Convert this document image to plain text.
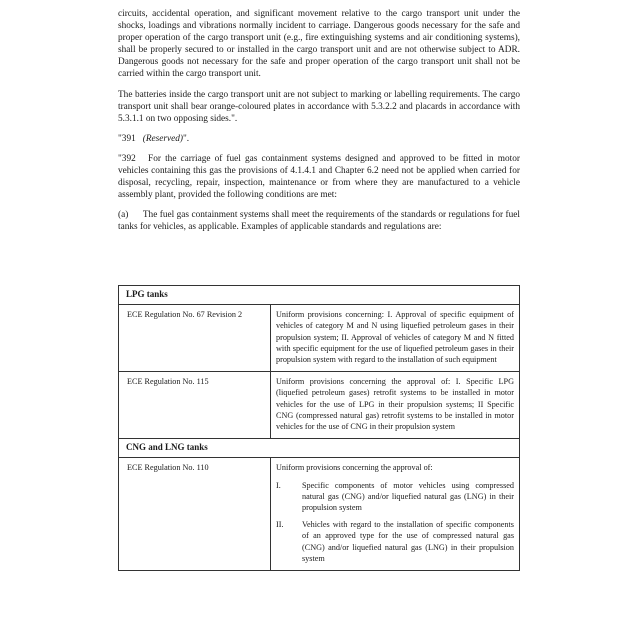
circuits, accidental operation, and significant movement relative to the cargo transport unit under the shocks, loadings and vibrations normally incident to carriage. Dangerous goods necessary for the safe and proper operation of the cargo transport unit (e.g., fire extinguishing systems and air conditioning systems), shall be properly secured to or installed in the cargo transport unit and are not otherwise subject to ADR. Dangerous goods not necessary for the safe and proper operation of the cargo transport unit shall not be carried within the cargo transport unit.

The batteries inside the cargo transport unit are not subject to marking or labelling requirements. The cargo transport unit shall bear orange-coloured plates in accordance with 5.3.2.2 and placards in accordance with 5.3.1.1 on two opposing sides.".

"391 (Reserved)".

"392   For the carriage of fuel gas containment systems designed and approved to be fitted in motor vehicles containing this gas the provisions of 4.1.4.1 and Chapter 6.2 need not be applied when carried for disposal, recycling, repair, inspection, maintenance or from where they are manufactured to a vehicle assembly plant, provided the following conditions are met:

(a) The fuel gas containment systems shall meet the requirements of the standards or regulations for fuel tanks for vehicles, as applicable. Examples of applicable standards and regulations are:

LPG tanks	
ECE Regulation No. 67 Revision 2	Uniform provisions concerning: I. Approval of specific equipment of vehicles of category M and N using liquefied petroleum gases in their propulsion system; II. Approval of vehicles of category M and N fitted with specific equipment for the use of liquefied petroleum gases in their propulsion system with regard to the installation of such equipment
ECE Regulation No. 115	Uniform provisions concerning the approval of: I. Specific LPG (liquefied petroleum gases) retrofit systems to be installed in motor vehicles for the use of LPG in their propulsion systems; II Specific CNG (compressed natural gas) retrofit systems to be installed in motor vehicles for the use of CNG in their propulsion system
CNG and LNG tanks	
ECE Regulation No. 110	Uniform provisions concerning the approval of:
I. Specific components of motor vehicles using compressed natural gas (CNG) and/or liquefied natural gas (LNG) in their propulsion system
II. Vehicles with regard to the installation of specific components of an approved type for the use of compressed natural gas (CNG) and/or liquefied natural gas (LNG) in their propulsion system
